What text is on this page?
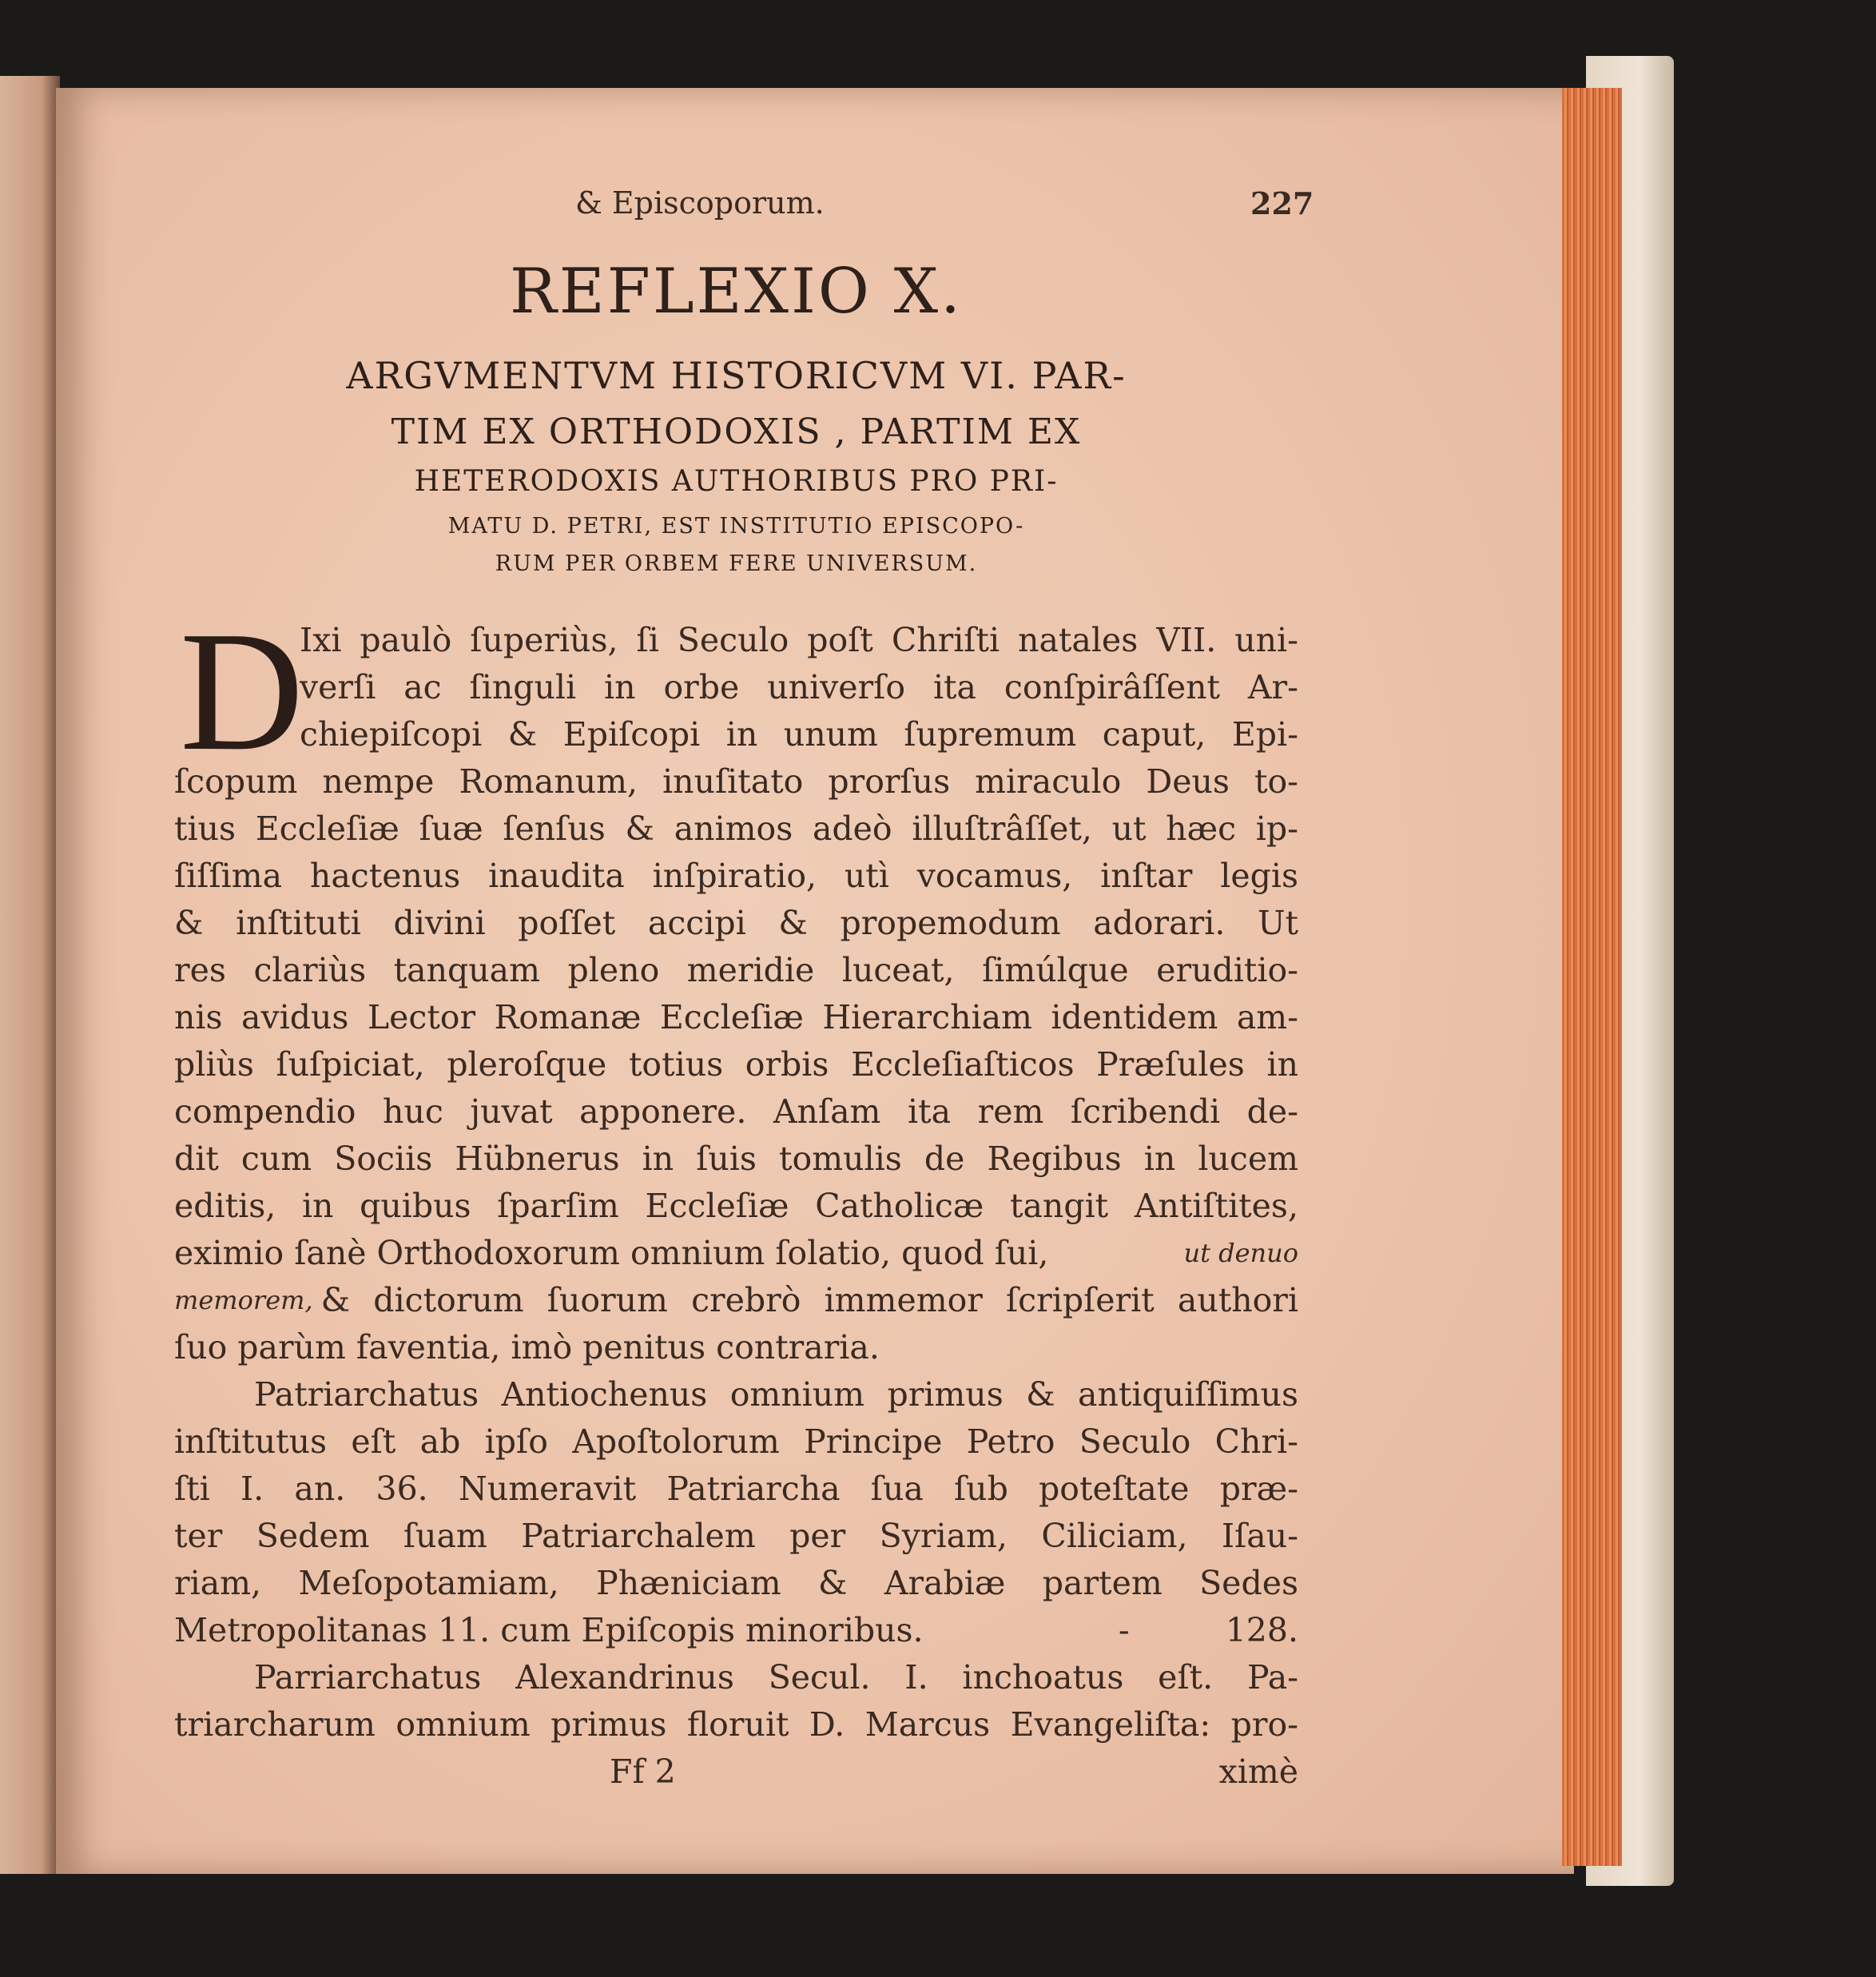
& Episcoporum.	227
REFLEXIO X.
ARGVMENTVM HISTORICVM VI. PAR-
TIM EX ORTHODOXIS , PARTIM EX
HETERODOXIS AUTHORIBUS PRO PRI-
MATU D. PETRI, EST INSTITUTIO EPISCOPO-
RUM PER ORBEM FERE UNIVERSUM.
D
Ixi paulò ſuperiùs, ſi Seculo poſt Chriſti natales VII. uni-
verſi ac ſinguli in orbe univerſo ita conſpirâſſent Ar-
chiepiſcopi & Epiſcopi in unum ſupremum caput, Epi-
ſcopum nempe Romanum, inuſitato prorſus miraculo Deus to-
tius Eccleſiæ ſuæ ſenſus & animos adeò illuſtrâſſet, ut hæc ip-
ſiſſima hactenus inaudita inſpiratio, utì vocamus, inſtar legis
& inſtituti divini poſſet accipi & propemodum adorari. Ut
res clariùs tanquam pleno meridie luceat, ſimúlque eruditio-
nis avidus Lector Romanæ Eccleſiæ Hierarchiam identidem am-
pliùs ſuſpiciat, pleroſque totius orbis Eccleſiaſticos Præſules in
compendio huc juvat apponere. Anſam ita rem ſcribendi de-
dit cum Sociis Hübnerus in ſuis tomulis de Regibus in lucem
editis, in quibus ſparſim Eccleſiæ Catholicæ tangit Antiſtites,
eximio ſanè Orthodoxorum omnium ſolatio, quod ſui,	ut denuo
memorem, & dictorum ſuorum crebrò immemor ſcripſerit authori
ſuo parùm faventia, imò penitus contraria.
Patriarchatus Antiochenus omnium primus & antiquiſſimus
inſtitutus eſt ab ipſo Apoſtolorum Principe Petro Seculo Chri-
ſti I. an. 36. Numeravit Patriarcha ſua ſub poteſtate præ-
ter Sedem ſuam Patriarchalem per Syriam, Ciliciam, Iſau-
riam, Meſopotamiam, Phæniciam & Arabiæ partem Sedes
Metropolitanas 11. cum Epiſcopis minoribus.	-	128.
Parriarchatus Alexandrinus Secul. I. inchoatus eſt. Pa-
triarcharum omnium primus floruit D. Marcus Evangeliſta: pro-
Ff 2	ximè
